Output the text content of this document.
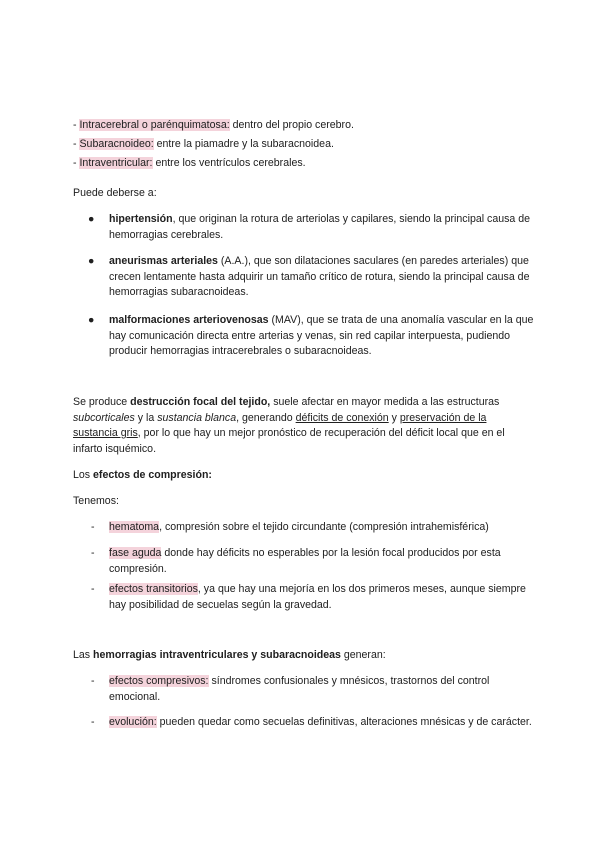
- Intracerebral o parénquimatosa: dentro del propio cerebro.
- Subaracnoideo: entre la piamadre y la subaracnoidea.
- Intraventricular: entre los ventrículos cerebrales.
Puede deberse a:
●	hipertensión, que originan la rotura de arteriolas y capilares, siendo la principal causa de hemorragias cerebrales.
●	aneurismas arteriales (A.A.), que son dilataciones saculares (en paredes arteriales) que crecen lentamente hasta adquirir un tamaño crítico de rotura, siendo la principal causa de hemorragias subaracnoideas.
●	malformaciones arteriovenosas (MAV), que se trata de una anomalía vascular en la que hay comunicación directa entre arterias y venas, sin red capilar interpuesta, pudiendo producir hemorragias intracerebrales o subaracnoideas.
Se produce destrucción focal del tejido, suele afectar en mayor medida a las estructuras subcorticales y la sustancia blanca, generando déficits de conexión y preservación de la sustancia gris, por lo que hay un mejor pronóstico de recuperación del déficit local que en el infarto isquémico.
Los efectos de compresión:
Tenemos:
-	hematoma, compresión sobre el tejido circundante (compresión intrahemisférica)
-	fase aguda donde hay déficits no esperables por la lesión focal producidos por esta compresión.
-	efectos transitorios, ya que hay una mejoría en los dos primeros meses, aunque siempre hay posibilidad de secuelas según la gravedad.
Las hemorragias intraventriculares y subaracnoideas generan:
-	efectos compresivos: síndromes confusionales y mnésicos, trastornos del control emocional.
-	evolución: pueden quedar como secuelas definitivas, alteraciones mnésicas y de carácter.
